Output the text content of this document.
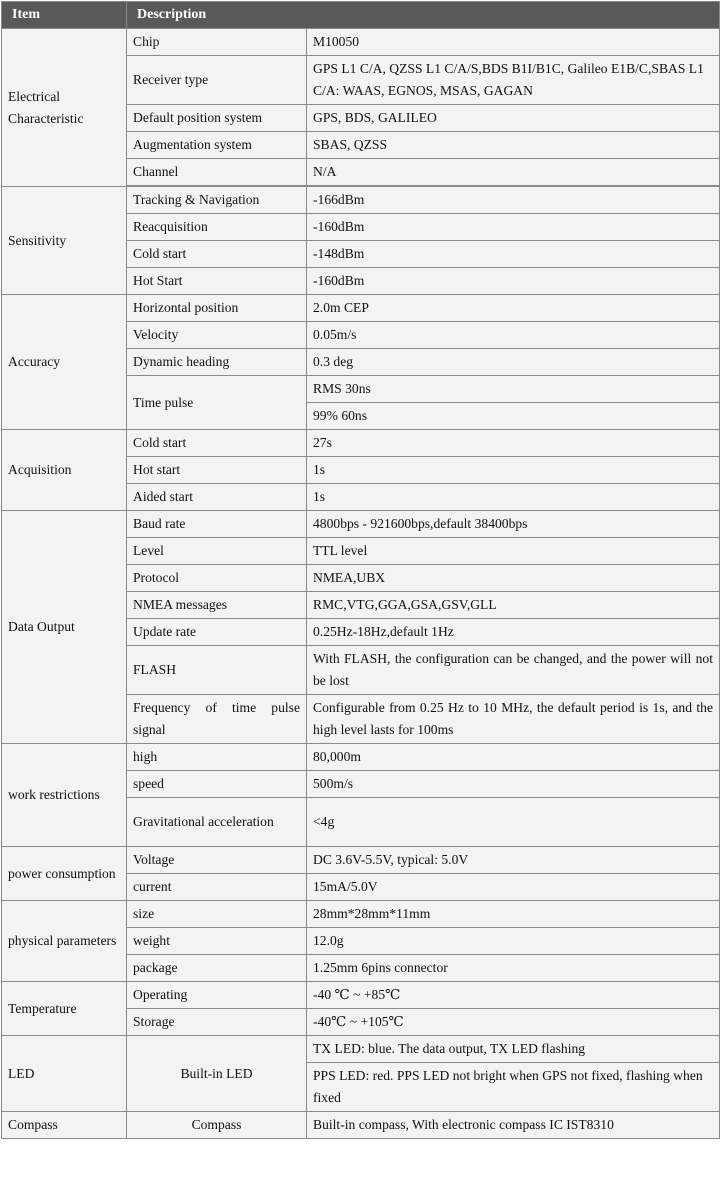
Item	Description	
Electrical Characteristic	Chip	M10050
	Receiver type	GPS L1 C/A, QZSS L1 C/A/S,BDS B1I/B1C, Galileo E1B/C,SBAS L1 C/A: WAAS, EGNOS, MSAS, GAGAN
	Default position system	GPS, BDS, GALILEO
	Augmentation system	SBAS, QZSS
	Channel	N/A

Sensitivity	Tracking & Navigation	-166dBm
	Reacquisition	-160dBm
	Cold start	-148dBm
	Hot Start	-160dBm
Accuracy	Horizontal position	2.0m CEP
	Velocity	0.05m/s
	Dynamic heading	0.3 deg
	Time pulse	RMS 30ns
		99% 60ns
Acquisition	Cold start	27s
	Hot start	1s
	Aided start	1s
Data Output	Baud rate	4800bps - 921600bps,default 38400bps
	Level	TTL level
	Protocol	NMEA,UBX
	NMEA messages	RMC,VTG,GGA,GSA,GSV,GLL
	Update rate	0.25Hz-18Hz,default 1Hz
	FLASH	With FLASH, the configuration can be changed, and the power will not be lost
	Frequency of time pulse signal	Configurable from 0.25 Hz to 10 MHz, the default period is 1s, and the high level lasts for 100ms
work restrictions	high	80,000m
	speed	500m/s
	Gravitational acceleration	<4g
power consumption	Voltage	DC 3.6V-5.5V, typical: 5.0V
	current	15mA/5.0V
physical parameters	size	28mm*28mm*11mm
	weight	12.0g
	package	1.25mm 6pins connector
Temperature	Operating	-40 ℃ ~ +85℃
	Storage	-40℃ ~ +105℃
LED	Built-in LED	TX LED: blue. The data output, TX LED flashing
		PPS LED: red. PPS LED not bright when GPS not fixed, flashing when fixed
Compass	Compass	Built-in compass, With electronic compass IC IST8310
